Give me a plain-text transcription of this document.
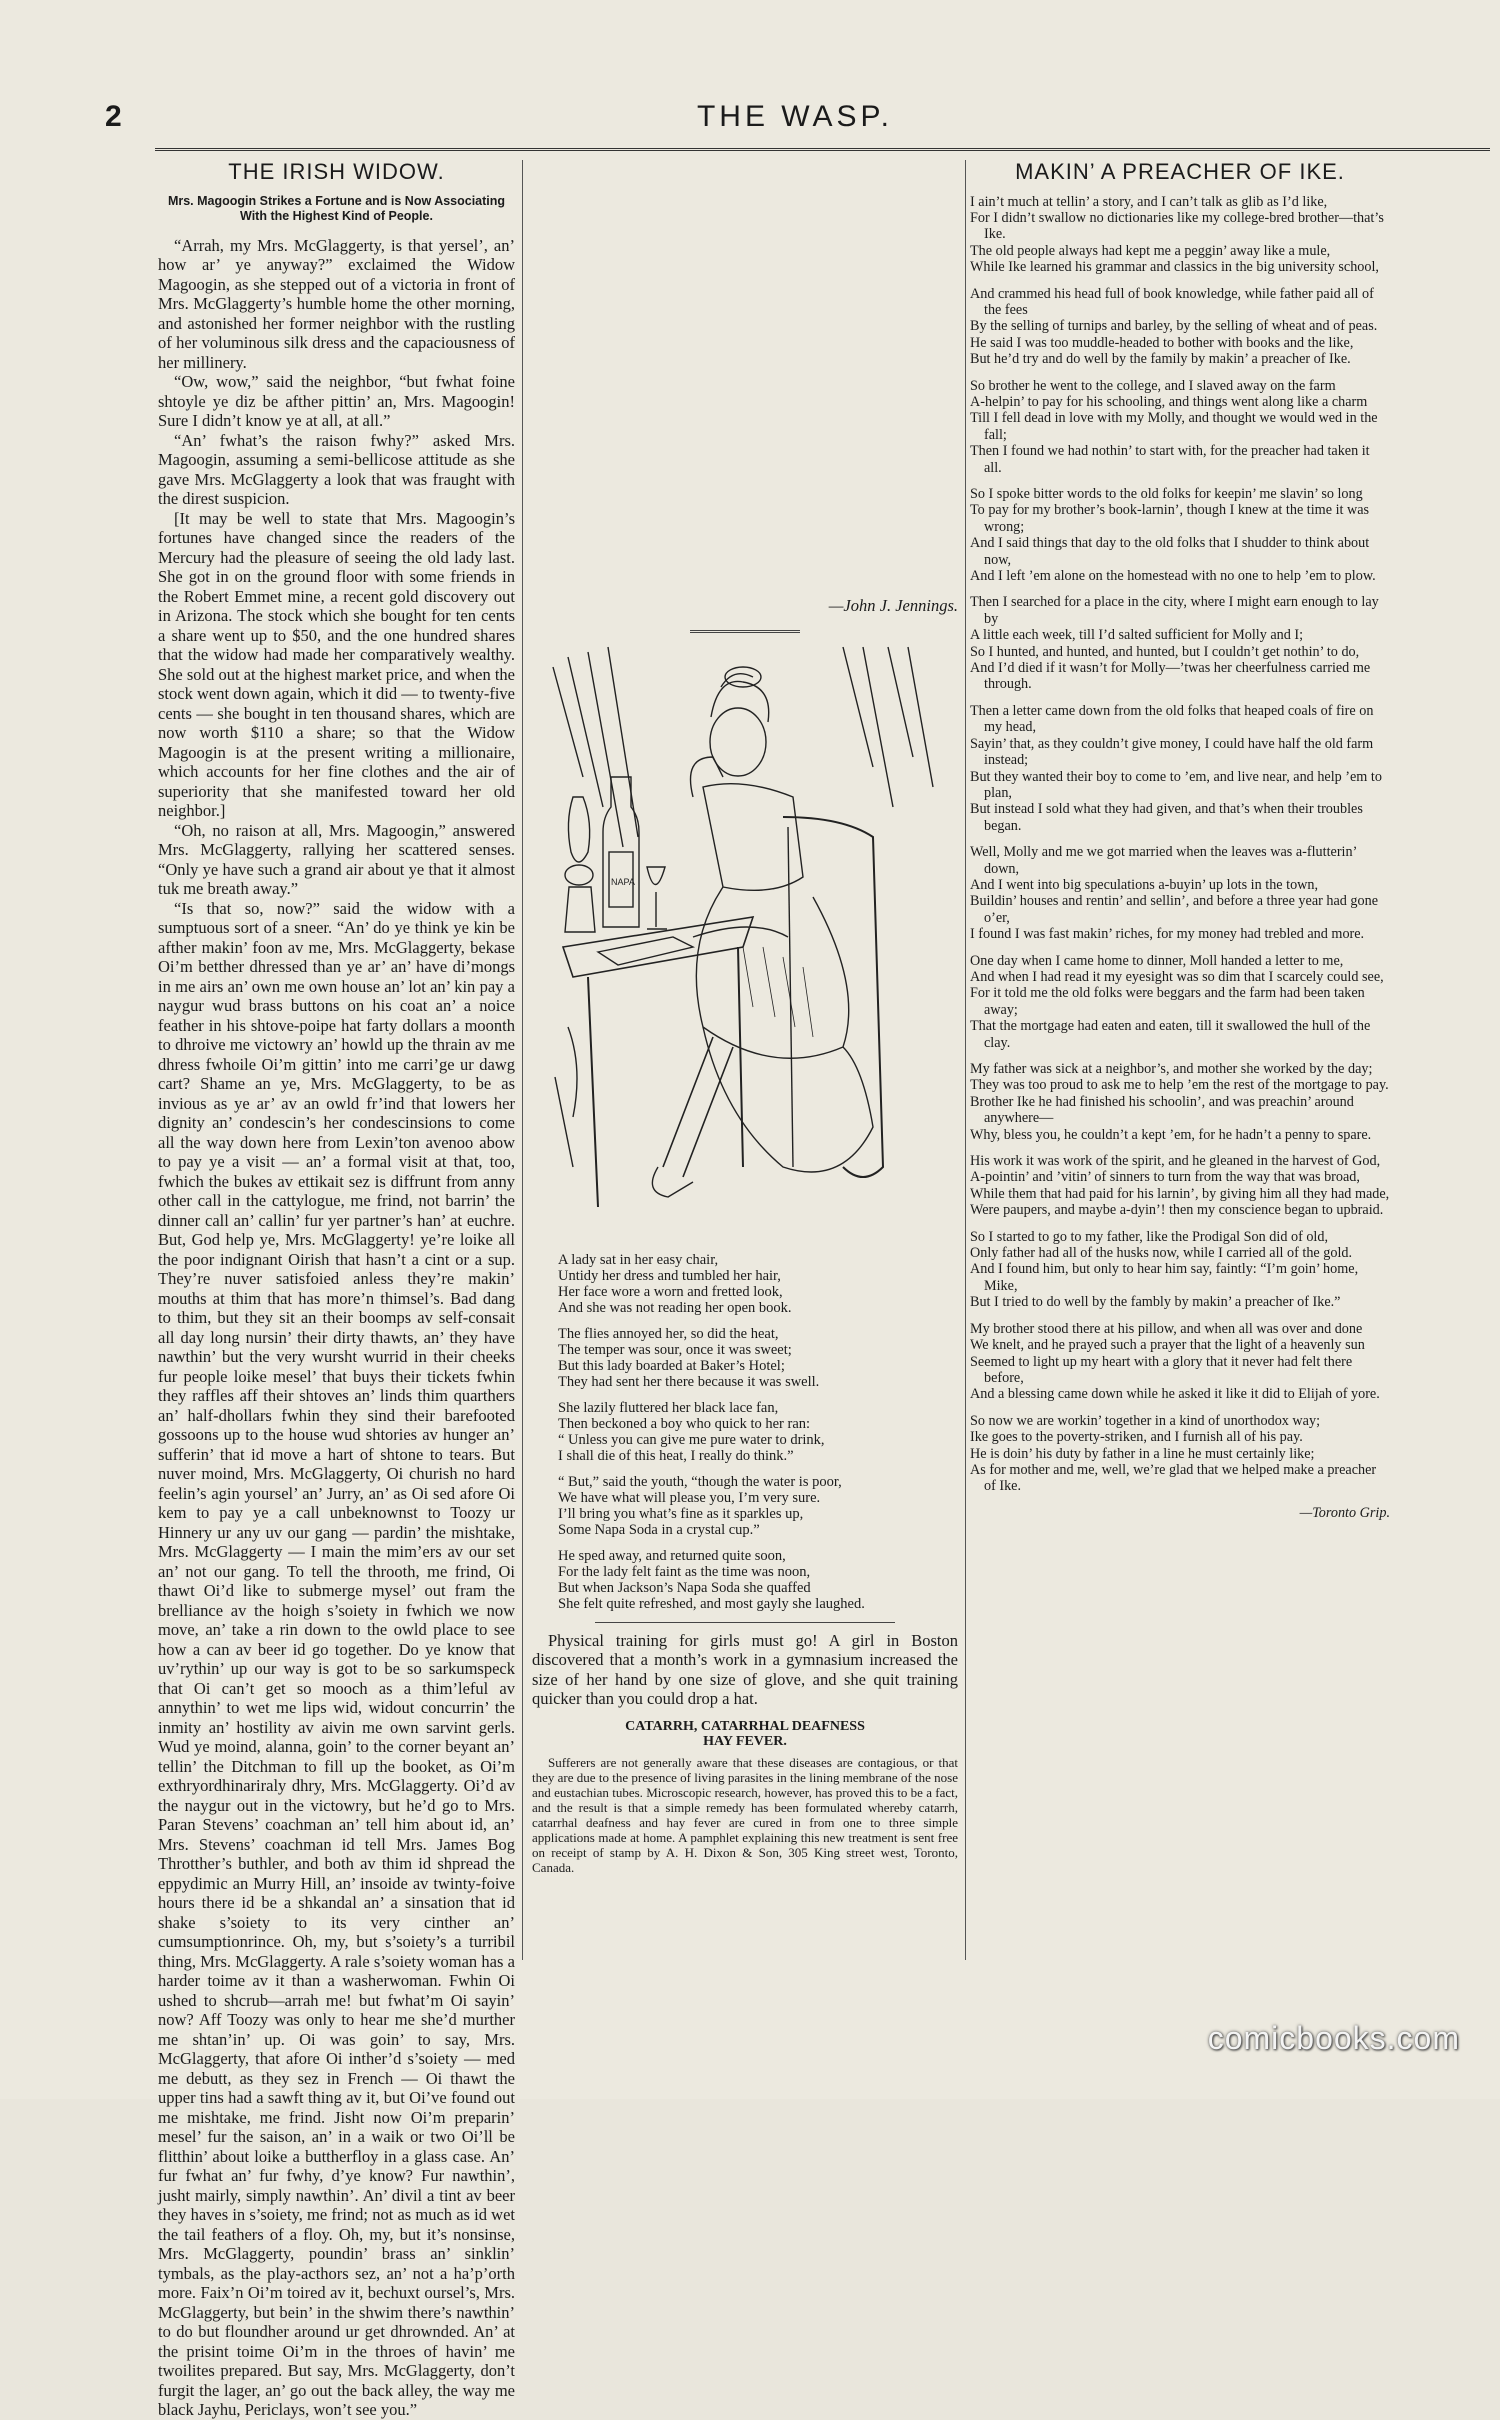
2	THE WASP.
THE IRISH WIDOW.
Mrs. Magoogin Strikes a Fortune and is Now Associating With the Highest Kind of People.

“Arrah, my Mrs. McGlaggerty, is that yersel’, an’ how ar’ ye anyway?” exclaimed the Widow Magoogin, as she stepped out of a victoria in front of Mrs. McGlaggerty’s humble home the other morning, and astonished her former neighbor with the rustling of her voluminous silk dress and the capaciousness of her millinery.

“Ow, wow,” said the neighbor, “but fwhat foine shtoyle ye diz be afther pittin’ an, Mrs. Magoogin! Sure I didn’t know ye at all, at all.”

“An’ fwhat’s the raison fwhy?” asked Mrs. Magoogin, assuming a semi-bellicose attitude as she gave Mrs. McGlaggerty a look that was fraught with the direst suspicion.

[It may be well to state that Mrs. Magoogin’s fortunes have changed since the readers of the Mercury had the pleasure of seeing the old lady last. She got in on the ground floor with some friends in the Robert Emmet mine, a recent gold discovery out in Arizona. The stock which she bought for ten cents a share went up to $50, and the one hundred shares that the widow had made her comparatively wealthy. She sold out at the highest market price, and when the stock went down again, which it did — to twenty-five cents — she bought in ten thousand shares, which are now worth $110 a share; so that the Widow Magoogin is at the present writing a millionaire, which accounts for her fine clothes and the air of superiority that she manifested toward her old neighbor.]

“Oh, no raison at all, Mrs. Magoogin,” answered Mrs. McGlaggerty, rallying her scattered senses. “Only ye have such a grand air about ye that it almost tuk me breath away.”

“Is that so, now?” said the widow with a sumptuous sort of a sneer. “An’ do ye think ye kin be afther makin’ foon av me, Mrs. McGlaggerty, bekase Oi’m betther dhressed than ye ar’ an’ have di’mongs in me airs an’ own me own house an’ lot an’ kin pay a naygur wud brass buttons on his coat an’ a noice feather in his shtove-poipe hat farty dollars a moonth to dhroive me victowry an’ howld up the thrain av me dhress fwhoile Oi’m gittin’ into me carri’ge ur dawg cart? Shame an ye, Mrs. McGlaggerty, to be as invious as ye ar’ av an owld fr’ind that lowers her dignity an’ condescin’s her condescinsions to come all the way down here from Lexin’ton avenoo abow to pay ye a visit — an’ a formal visit at that, too, fwhich the bukes av ettikait sez is diffrunt from anny other call in the cattylogue, me frind, not barrin’ the dinner call an’ callin’ fur yer partner’s han’ at euchre. But, God help ye, Mrs. McGlaggerty! ye’re loike all the poor indignant Oirish that hasn’t a cint or a sup. They’re nuver satisfoied anless they’re makin’ mouths at thim that has more’n thimsel’s. Bad dang to thim, but they sit an their boomps av self-consait all day long nursin’ their dirty thawts, an’ they have nawthin’ but the very wursht wurrid in their cheeks fur people loike mesel’ that buys their tickets fwhin they raffles aff their shtoves an’ linds thim quarthers an’ half-dhollars fwhin they sind their barefooted gossoons up to the house wud shtories av hunger an’ sufferin’ that id move a hart of shtone to tears. But nuver moind, Mrs. McGlaggerty, Oi churish no hard feelin’s agin yoursel’ an’ Jurry, an’ as Oi sed afore Oi kem to pay ye a call unbeknownst to Toozy ur Hinnery ur any uv our gang — pardin’ the mishtake, Mrs. McGlaggerty — I main the mim’ers av our set an’ not our gang. To tell the throoth, me frind, Oi thawt Oi’d like to submerge mysel’ out fram the brelliance av the hoigh s’soiety in fwhich we now move, an’ take a rin down to the owld place to see how a can av beer id go together. Do ye know that uv’rythin’ up our way is got to be so sarkumspeck that Oi can’t get so mooch as a thim’leful av annythin’ to wet me lips wid, widout concurrin’ the inmity an’ hostility av aivin me own sarvint gerls. Wud ye moind, alanna, goin’ to the corner beyant an’ tellin’ the Ditchman to fill up the booket, as Oi’m exthryordhinariraly dhry, Mrs. McGlaggerty. Oi’d av the naygur out in the victowry, but he’d go to Mrs. Paran Stevens’ coachman an’ tell him about id, an’ Mrs. Stevens’ coachman id tell Mrs. James Bog Throtther’s buthler, and both av thim id shpread the eppydimic an Murry Hill, an’ insoide av twinty-foive hours there id be a shkandal an’ a sinsation that id shake s’soiety to its very cinther an’ cumsumptionrince. Oh, my, but s’soiety’s a turribil thing, Mrs. McGlaggerty. A rale s’soiety woman has a harder toime av it than a washerwoman. Fwhin Oi ushed to shcrub—arrah me! but fwhat’m Oi sayin’ now? Aff Toozy was only to hear me she’d murther me shtan’in’ up. Oi was goin’ to say, Mrs. McGlaggerty, that afore Oi inther’d s’soiety — med me debutt, as they sez in French — Oi thawt the upper tins had a sawft thing av it, but Oi’ve found out me mishtake, me frind. Jisht now Oi’m preparin’ mesel’ fur the saison, an’ in a waik or two Oi’ll be flitthin’ about loike a buttherfloy in a glass case. An’ fur fwhat an’ fur fwhy, d’ye know? Fur nawthin’, jusht mairly, simply nawthin’. An’ divil a tint av beer they haves in s’soiety, me frind; not as much as id wet the tail feathers of a floy. Oh, my, but it’s nonsinse, Mrs. McGlaggerty, poundin’ brass an’ sinklin’ tymbals, as the play-acthors sez, an’ not a ha’p’orth more. Faix’n Oi’m toired av it, bechuxt oursel’s, Mrs. McGlaggerty, but bein’ in the shwim there’s nawthin’ to do but floundher around ur get dhrownded. An’ at the prisint toime Oi’m in the throes of havin’ me twoilites prepared. But say, Mrs. McGlaggerty, don’t furgit the lager, an’ go out the back alley, the way me black Jayhu, Periclays, won’t see you.”

—John J. Jennings.
NAPA
A lady sat in her easy chair,
Untidy her dress and tumbled her hair,
Her face wore a worn and fretted look,
And she was not reading her open book.
The flies annoyed her, so did the heat,
The temper was sour, once it was sweet;
But this lady boarded at Baker’s Hotel;
They had sent her there because it was swell.
She lazily fluttered her black lace fan,
Then beckoned a boy who quick to her ran:
“ Unless you can give me pure water to drink,
I shall die of this heat, I really do think.”
“ But,” said the youth, “though the water is poor,
We have what will please you, I’m very sure.
I’ll bring you what’s fine as it sparkles up,
Some Napa Soda in a crystal cup.”
He sped away, and returned quite soon,
For the lady felt faint as the time was noon,
But when Jackson’s Napa Soda she quaffed
She felt quite refreshed, and most gayly she laughed.

Physical training for girls must go! A girl in Boston discovered that a month’s work in a gymnasium increased the size of her hand by one size of glove, and she quit training quicker than you could drop a hat.

CATARRH, CATARRHAL DEAFNESS
HAY FEVER.

Sufferers are not generally aware that these diseases are contagious, or that they are due to the presence of living parasites in the lining membrane of the nose and eustachian tubes. Microscopic research, however, has proved this to be a fact, and the result is that a simple remedy has been formulated whereby catarrh, catarrhal deafness and hay fever are cured in from one to three simple applications made at home. A pamphlet explaining this new treatment is sent free on receipt of stamp by A. H. Dixon & Son, 305 King street west, Toronto, Canada.

MAKIN’ A PREACHER OF IKE.
I ain’t much at tellin’ a story, and I can’t talk as glib as I’d like,
For I didn’t swallow no dictionaries like my college-bred brother—that’s Ike.
The old people always had kept me a peggin’ away like a mule,
While Ike learned his grammar and classics in the big university school,
And crammed his head full of book knowledge, while father paid all of the fees
By the selling of turnips and barley, by the selling of wheat and of peas.
He said I was too muddle-headed to bother with books and the like,
But he’d try and do well by the family by makin’ a preacher of Ike.
So brother he went to the college, and I slaved away on the farm
A-helpin’ to pay for his schooling, and things went along like a charm
Till I fell dead in love with my Molly, and thought we would wed in the fall;
Then I found we had nothin’ to start with, for the preacher had taken it all.
So I spoke bitter words to the old folks for keepin’ me slavin’ so long
To pay for my brother’s book-larnin’, though I knew at the time it was wrong;
And I said things that day to the old folks that I shudder to think about now,
And I left ’em alone on the homestead with no one to help ’em to plow.
Then I searched for a place in the city, where I might earn enough to lay by
A little each week, till I’d salted sufficient for Molly and I;
So I hunted, and hunted, and hunted, but I couldn’t get nothin’ to do,
And I’d died if it wasn’t for Molly—’twas her cheerfulness carried me through.
Then a letter came down from the old folks that heaped coals of fire on my head,
Sayin’ that, as they couldn’t give money, I could have half the old farm instead;
But they wanted their boy to come to ’em, and live near, and help ’em to plan,
But instead I sold what they had given, and that’s when their troubles began.
Well, Molly and me we got married when the leaves was a-flutterin’ down,
And I went into big speculations a-buyin’ up lots in the town,
Buildin’ houses and rentin’ and sellin’, and before a three year had gone o’er,
I found I was fast makin’ riches, for my money had trebled and more.
One day when I came home to dinner, Moll handed a letter to me,
And when I had read it my eyesight was so dim that I scarcely could see,
For it told me the old folks were beggars and the farm had been taken away;
That the mortgage had eaten and eaten, till it swallowed the hull of the clay.
My father was sick at a neighbor’s, and mother she worked by the day;
They was too proud to ask me to help ’em the rest of the mortgage to pay.
Brother Ike he had finished his schoolin’, and was preachin’ around anywhere—
Why, bless you, he couldn’t a kept ’em, for he hadn’t a penny to spare.
His work it was work of the spirit, and he gleaned in the harvest of God,
A-pointin’ and ’vitin’ of sinners to turn from the way that was broad,
While them that had paid for his larnin’, by giving him all they had made,
Were paupers, and maybe a-dyin’! then my conscience began to upbraid.
So I started to go to my father, like the Prodigal Son did of old,
Only father had all of the husks now, while I carried all of the gold.
And I found him, but only to hear him say, faintly: “I’m goin’ home, Mike,
But I tried to do well by the fambly by makin’ a preacher of Ike.”
My brother stood there at his pillow, and when all was over and done
We knelt, and he prayed such a prayer that the light of a heavenly sun
Seemed to light up my heart with a glory that it never had felt there before,
And a blessing came down while he asked it like it did to Elijah of yore.
So now we are workin’ together in a kind of unorthodox way;
Ike goes to the poverty-striken, and I furnish all of his pay.
He is doin’ his duty by father in a line he must certainly like;
As for mother and me, well, we’re glad that we helped make a preacher of Ike.
—Toronto Grip.
comicbooks.com
